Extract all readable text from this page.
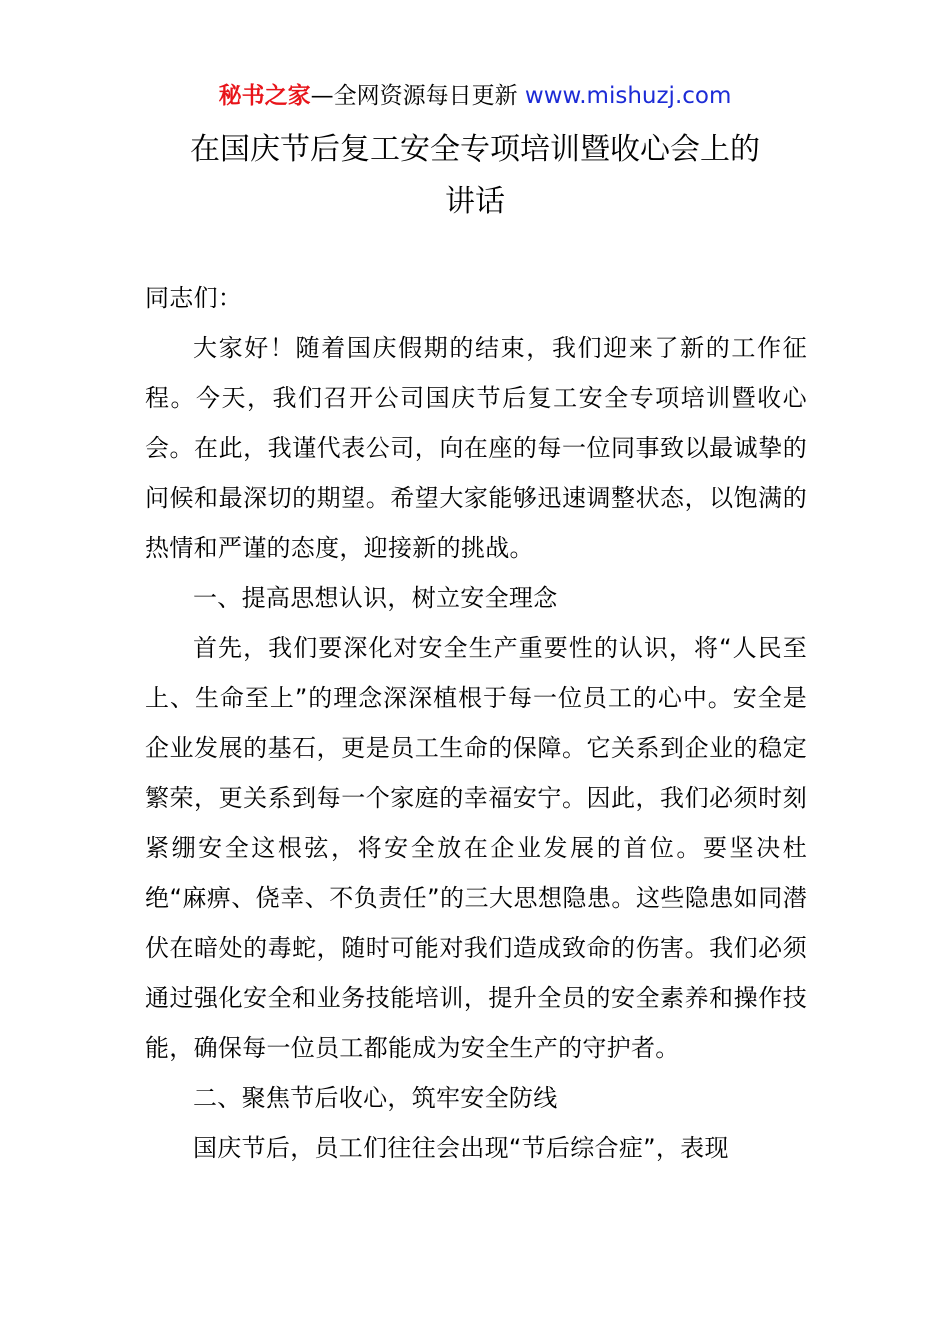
秘书之家—全网资源每日更新 www.mishuzj.com
在国庆节后复工安全专项培训暨收心会上的
讲话

同志们：

大家好！随着国庆假期的结束，我们迎来了新的工作征程。今天，我们召开公司国庆节后复工安全专项培训暨收心会。在此，我谨代表公司，向在座的每一位同事致以最诚挚的问候和最深切的期望。希望大家能够迅速调整状态，以饱满的热情和严谨的态度，迎接新的挑战。

一、提高思想认识，树立安全理念

首先，我们要深化对安全生产重要性的认识，将“人民至上、生命至上”的理念深深植根于每一位员工的心中。安全是企业发展的基石，更是员工生命的保障。它关系到企业的稳定繁荣，更关系到每一个家庭的幸福安宁。因此，我们必须时刻紧绷安全这根弦，将安全放在企业发展的首位。要坚决杜绝“麻痹、侥幸、不负责任”的三大思想隐患。这些隐患如同潜伏在暗处的毒蛇，随时可能对我们造成致命的伤害。我们必须通过强化安全和业务技能培训，提升全员的安全素养和操作技能，确保每一位员工都能成为安全生产的守护者。

二、聚焦节后收心，筑牢安全防线

国庆节后，员工们往往会出现“节后综合症”，表现
